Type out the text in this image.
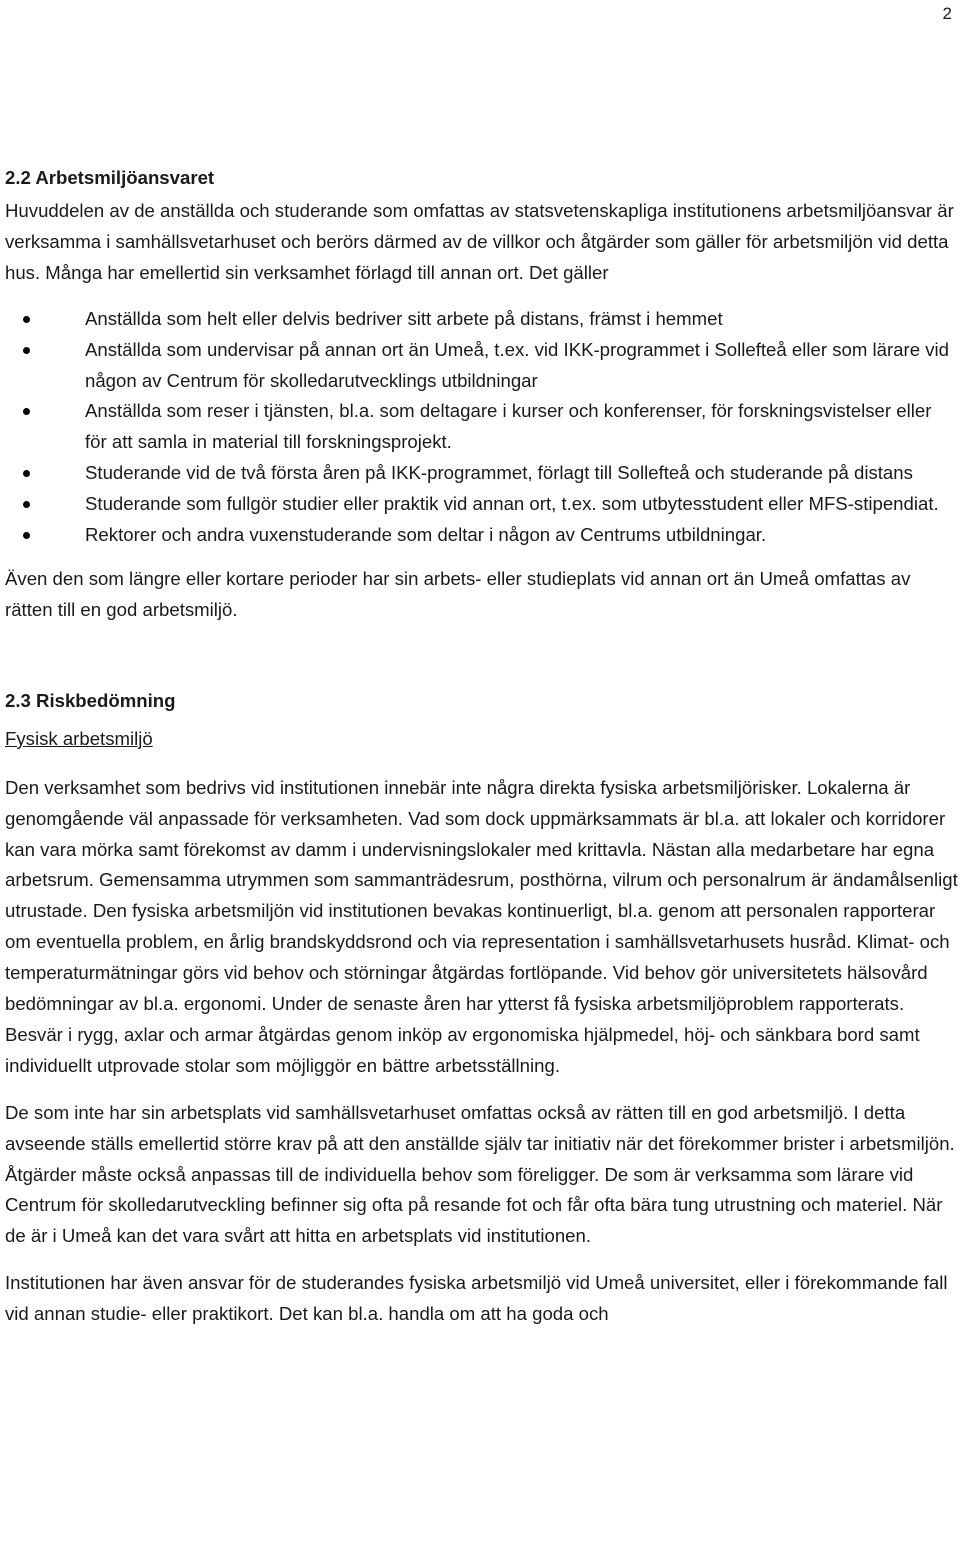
2
2.2 Arbetsmiljöansvaret

Huvuddelen av de anställda och studerande som omfattas av statsvetenskapliga institutionens arbetsmiljöansvar är verksamma i samhällsvetarhuset och berörs därmed av de villkor och åtgärder som gäller för arbetsmiljön vid detta hus. Många har emellertid sin verksamhet förlagd till annan ort. Det gäller

Anställda som helt eller delvis bedriver sitt arbete på distans, främst i hemmet
Anställda som undervisar på annan ort än Umeå, t.ex. vid IKK-programmet i Sollefteå eller som lärare vid någon av Centrum för skolledarutvecklings utbildningar
Anställda som reser i tjänsten, bl.a. som deltagare i kurser och konferenser, för forskningsvistelser eller för att samla in material till forskningsprojekt.
Studerande vid de två första åren på IKK-programmet, förlagt till Sollefteå och studerande på distans
Studerande som fullgör studier eller praktik vid annan ort, t.ex. som utbytesstudent eller MFS-stipendiat.
Rektorer och andra vuxenstuderande som deltar i någon av Centrums utbildningar.

Även den som längre eller kortare perioder har sin arbets- eller studieplats vid annan ort än Umeå omfattas av rätten till en god arbetsmiljö.

2.3 Riskbedömning
Fysisk arbetsmiljö

Den verksamhet som bedrivs vid institutionen innebär inte några direkta fysiska arbetsmiljörisker. Lokalerna är genomgående väl anpassade för verksamheten. Vad som dock uppmärksammats är bl.a. att lokaler och korridorer kan vara mörka samt förekomst av damm i undervisningslokaler med krittavla. Nästan alla medarbetare har egna arbetsrum. Gemensamma utrymmen som sammanträdesrum, posthörna, vilrum och personalrum är ändamålsenligt utrustade. Den fysiska arbetsmiljön vid institutionen bevakas kontinuerligt, bl.a. genom att personalen rapporterar om eventuella problem, en årlig brandskyddsrond och via representation i samhällsvetarhusets husråd. Klimat- och temperaturmätningar görs vid behov och störningar åtgärdas fortlöpande. Vid behov gör universitetets hälsovård bedömningar av bl.a. ergonomi. Under de senaste åren har ytterst få fysiska arbetsmiljöproblem rapporterats. Besvär i rygg, axlar och armar åtgärdas genom inköp av ergonomiska hjälpmedel, höj- och sänkbara bord samt individuellt utprovade stolar som möjliggör en bättre arbetsställning.

De som inte har sin arbetsplats vid samhällsvetarhuset omfattas också av rätten till en god arbetsmiljö. I detta avseende ställs emellertid större krav på att den anställde själv tar initiativ när det förekommer brister i arbetsmiljön. Åtgärder måste också anpassas till de individuella behov som föreligger. De som är verksamma som lärare vid Centrum för skolledarutveckling befinner sig ofta på resande fot och får ofta bära tung utrustning och materiel. När de är i Umeå kan det vara svårt att hitta en arbetsplats vid institutionen.

Institutionen har även ansvar för de studerandes fysiska arbetsmiljö vid Umeå universitet, eller i förekommande fall vid annan studie- eller praktikort. Det kan bl.a. handla om att ha goda och
